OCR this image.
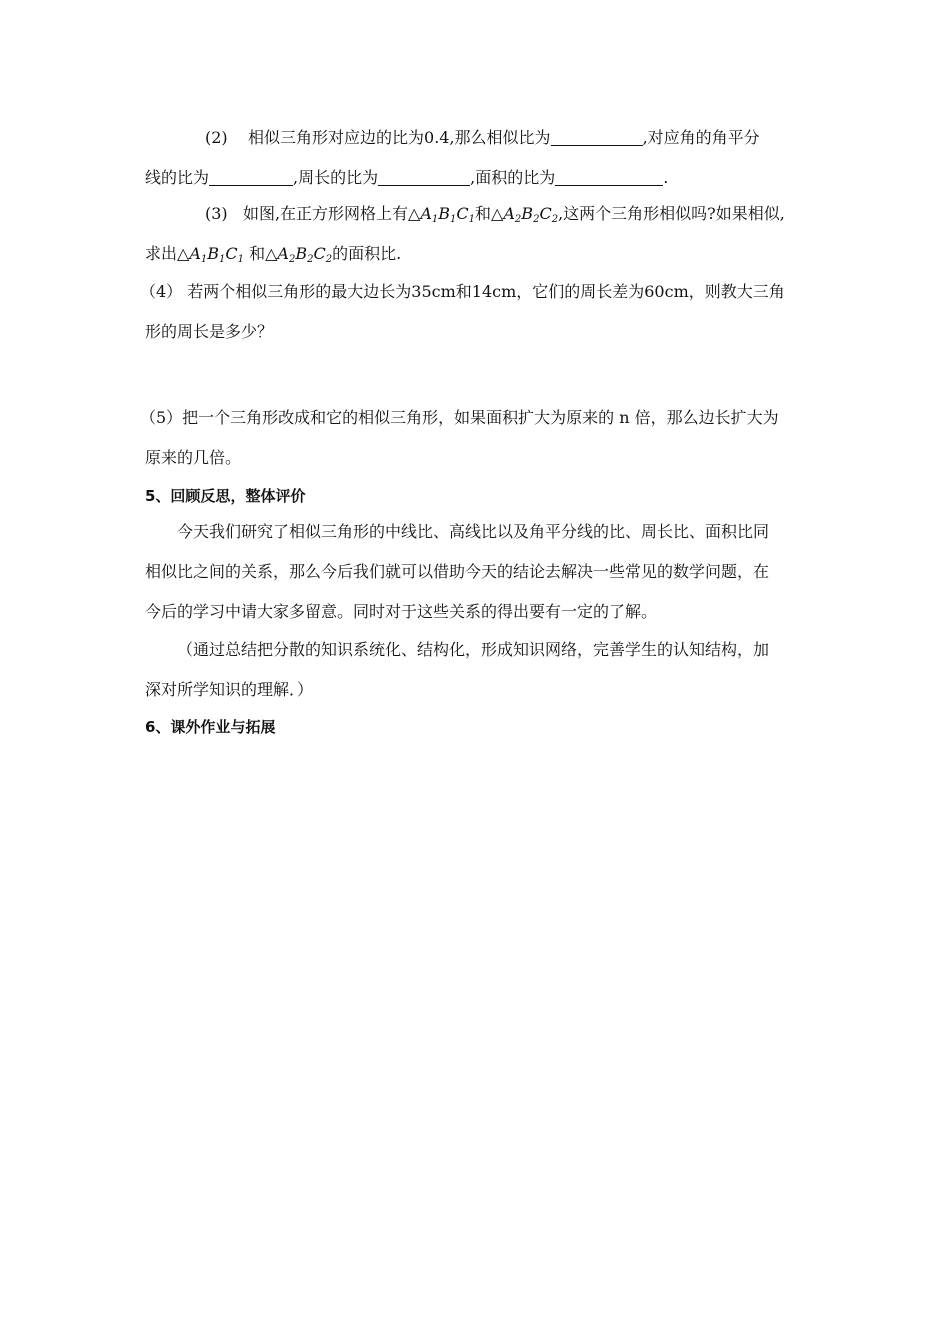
(2) 相似三角形对应边的比为0.4,那么相似比为	,对应角的角平分
线的比为	,周长的比为	,面积的比为	.
(3) 如图,在正方形网格上有$\triangle A_1B_1C_1$和$\triangle A_2B_2C_2$,这两个三角形相似吗?如果相似,
求出$\triangle A_1B_1C_1$ 和$\triangle A_2B_2C_2$的面积比.
（4） 若两个相似三角形的最大边长为35cm和14cm，它们的周长差为60cm，则教大三角
形的周长是多少？
（5）把一个三角形改成和它的相似三角形，如果面积扩大为原来的 n 倍，那么边长扩大为
原来的几倍。
5、回顾反思，整体评价
今天我们研究了相似三角形的中线比、高线比以及角平分线的比、周长比、面积比同
相似比之间的关系，那么今后我们就可以借助今天的结论去解决一些常见的数学问题，在
今后的学习中请大家多留意。同时对于这些关系的得出要有一定的了解。
（通过总结把分散的知识系统化、结构化，形成知识网络，完善学生的认知结构，加
深对所学知识的理解．）
6、课外作业与拓展
